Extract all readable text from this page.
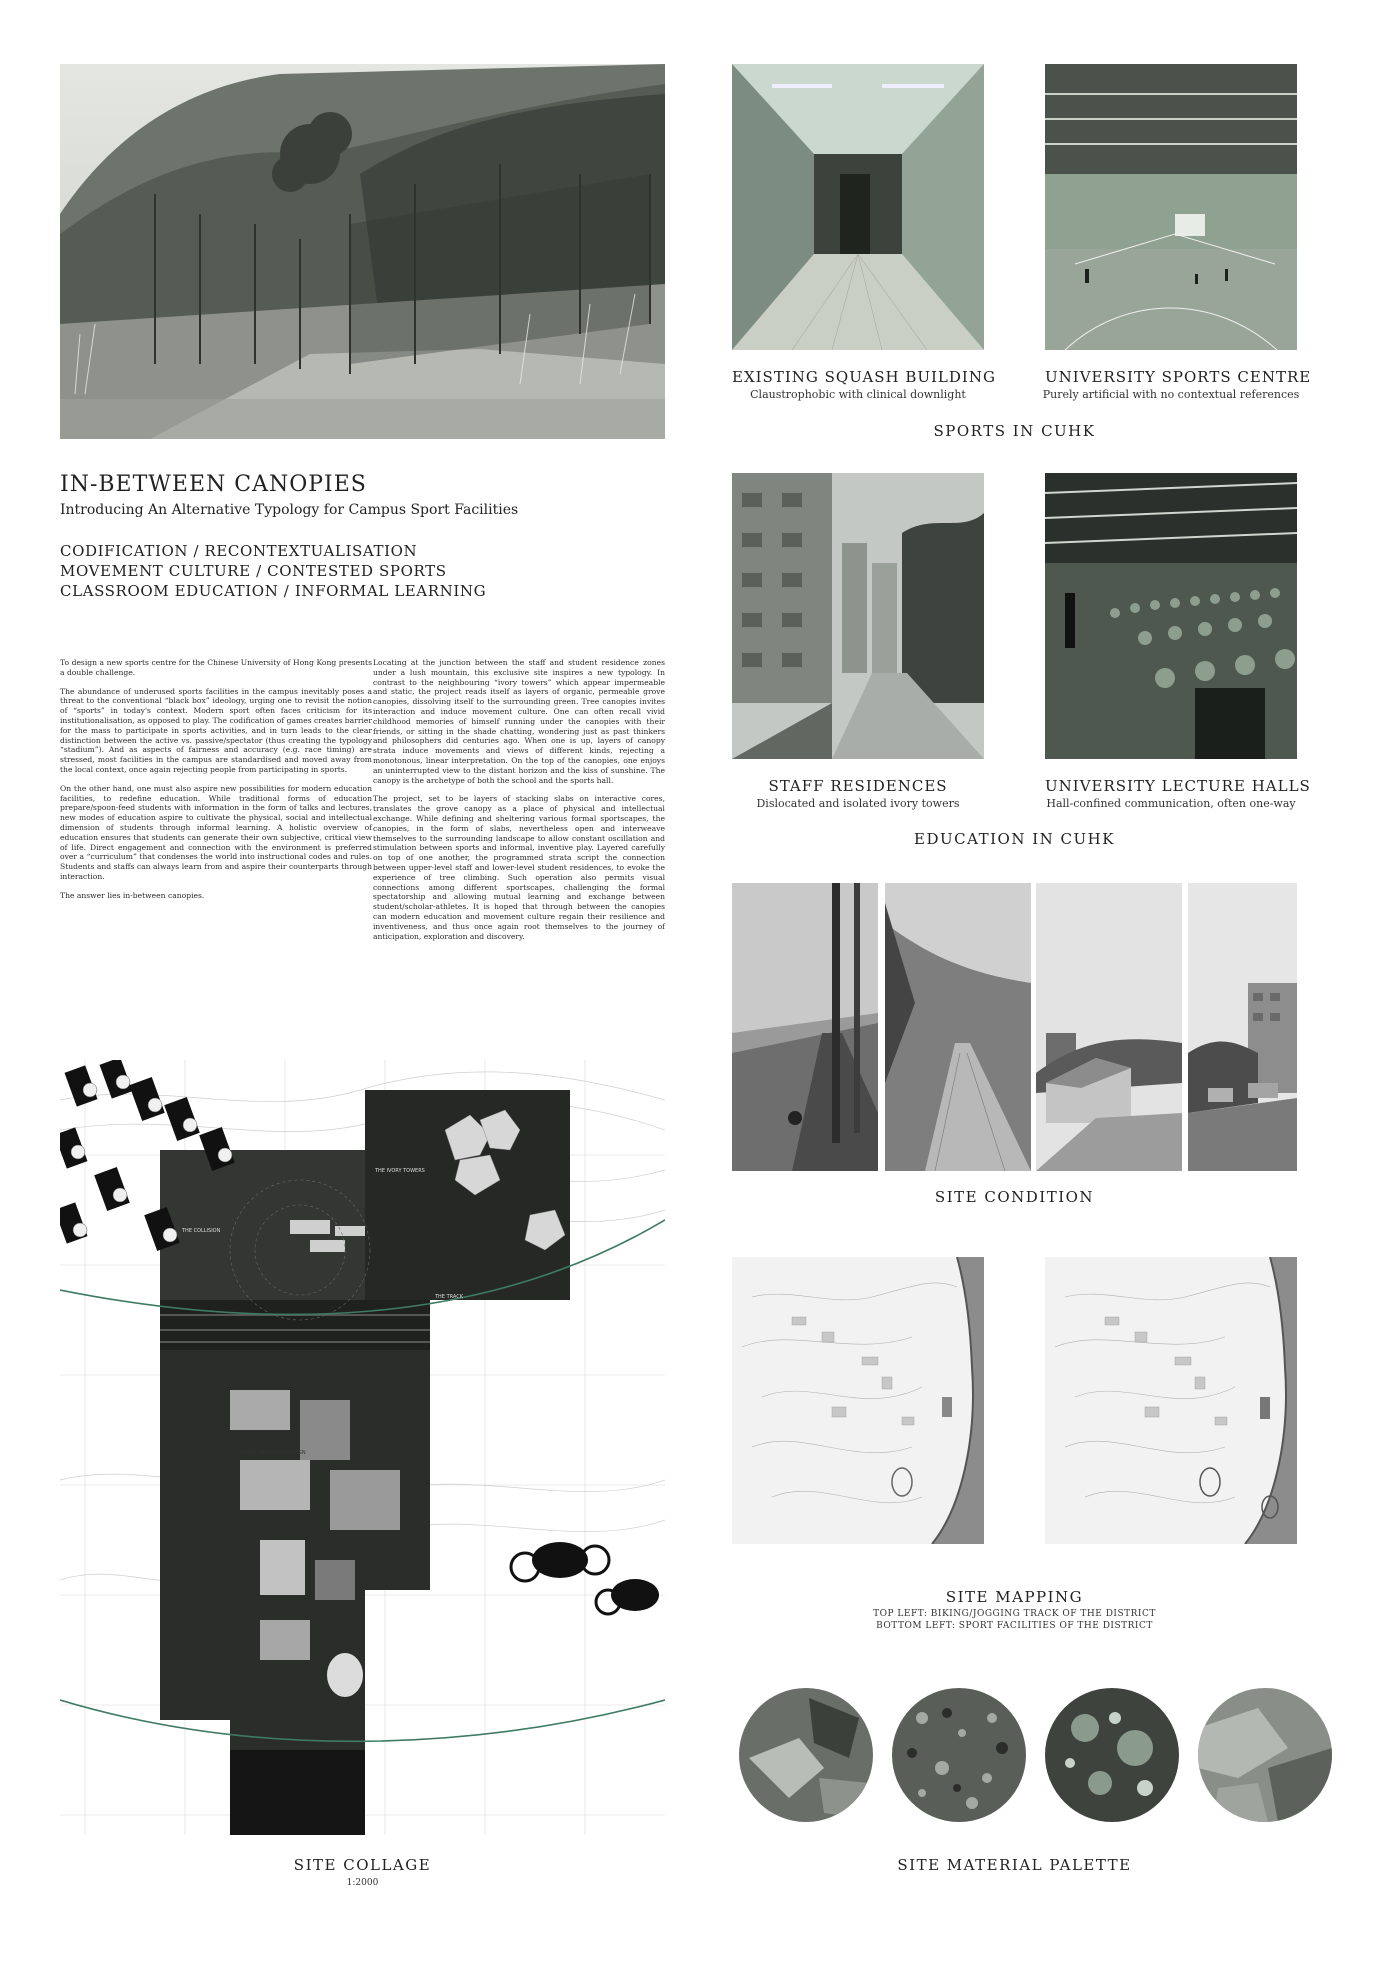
IN-BETWEEN CANOPIES
Introducing An Alternative Typology for Campus Sport Facilities
CODIFICATION / RECONTEXTUALISATION
MOVEMENT CULTURE / CONTESTED SPORTS
CLASSROOM EDUCATION / INFORMAL LEARNING

To design a new sports centre for the Chinese University of Hong Kong presents a double challenge.

The abundance of underused sports facilities in the campus inevitably poses a threat to the conventional “black box” ideology, urging one to revisit the notion of “sports” in today's context. Modern sport often faces criticism for its institutionalisation, as opposed to play. The codification of games creates barrier for the mass to participate in sports activities, and in turn leads to the clear distinction between the active vs. passive/spectator (thus creating the typology “stadium”). And as aspects of fairness and accuracy (e.g. race timing) are stressed, most facilities in the campus are standardised and moved away from the local context, once again rejecting people from participating in sports.

On the other hand, one must also aspire new possibilities for modern education facilities, to redefine education. While traditional forms of education prepare/spoon-feed students with information in the form of talks and lectures, new modes of education aspire to cultivate the physical, social and intellectual dimension of students through informal learning. A holistic overview of education ensures that students can generate their own subjective, critical view of life. Direct engagement and connection with the environment is preferred over a “curriculum” that condenses the world into instructional codes and rules. Students and staffs can always learn from and aspire their counterparts through interaction.

The answer lies in-between canopies.

Locating at the junction between the staff and student residence zones under a lush mountain, this exclusive site inspires a new typology. In contrast to the neighbouring “ivory towers” which appear impermeable and static, the project reads itself as layers of organic, permeable grove canopies, dissolving itself to the surrounding green. Tree canopies invites interaction and induce movement culture. One can often recall vivid childhood memories of himself running under the canopies with their friends, or sitting in the shade chatting, wondering just as past thinkers and philosophers did centuries ago. When one is up, layers of canopy strata induce movements and views of different kinds, rejecting a monotonous, linear interpretation. On the top of the canopies, one enjoys an uninterrupted view to the distant horizon and the kiss of sunshine. The canopy is the archetype of both the school and the sports hall.

The project, set to be layers of stacking slabs on interactive cores, translates the grove canopy as a place of physical and intellectual exchange. While defining and sheltering various formal sportscapes, the canopies, in the form of slabs, nevertheless open and interweave themselves to the surrounding landscape to allow constant oscillation and stimulation between sports and informal, inventive play. Layered carefully on top of one another, the programmed strata script the connection between upper-level staff and lower-level student residences, to evoke the experience of tree climbing. Such operation also permits visual connections among different sportscapes, challenging the formal spectatorship and allowing mutual learning and exchange between student/scholar-athletes. It is hoped that through between the canopies can modern education and movement culture regain their resilience and inventiveness, and thus once again root themselves to the journey of anticipation, exploration and discovery.

THE IVORY TOWERS
THE COLLISION
THE TRACK
IN THE HANDS OF DESIGN
SITE COLLAGE
1:2000
EXISTING SQUASH BUILDING
Claustrophobic with clinical downlight
UNIVERSITY SPORTS CENTRE
Purely artificial with no contextual references
SPORTS IN CUHK
STAFF RESIDENCES
Dislocated and isolated ivory towers
UNIVERSITY LECTURE HALLS
Hall-confined communication, often one-way
EDUCATION IN CUHK
SITE CONDITION
SITE MAPPING
TOP LEFT: BIKING/JOGGING TRACK OF THE DISTRICT
BOTTOM LEFT: SPORT FACILITIES OF THE DISTRICT
SITE MATERIAL PALETTE
